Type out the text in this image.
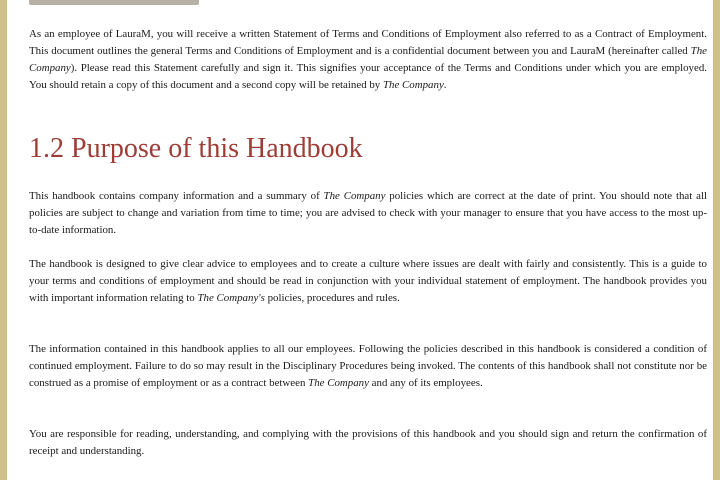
As an employee of LauraM, you will receive a written Statement of Terms and Conditions of Employment also referred to as a Contract of Employment. This document outlines the general Terms and Conditions of Employment and is a confidential document between you and LauraM (hereinafter called The Company). Please read this Statement carefully and sign it. This signifies your acceptance of the Terms and Conditions under which you are employed. You should retain a copy of this document and a second copy will be retained by The Company.

1.2 Purpose of this Handbook

This handbook contains company information and a summary of The Company policies which are correct at the date of print. You should note that all policies are subject to change and variation from time to time; you are advised to check with your manager to ensure that you have access to the most up-to-date information.

The handbook is designed to give clear advice to employees and to create a culture where issues are dealt with fairly and consistently. This is a guide to your terms and conditions of employment and should be read in conjunction with your individual statement of employment. The handbook provides you with important information relating to The Company's policies, procedures and rules.

The information contained in this handbook applies to all our employees. Following the policies described in this handbook is considered a condition of continued employment. Failure to do so may result in the Disciplinary Procedures being invoked. The contents of this handbook shall not constitute nor be construed as a promise of employment or as a contract between The Company and any of its employees.

You are responsible for reading, understanding, and complying with the provisions of this handbook and you should sign and return the confirmation of receipt and understanding.
